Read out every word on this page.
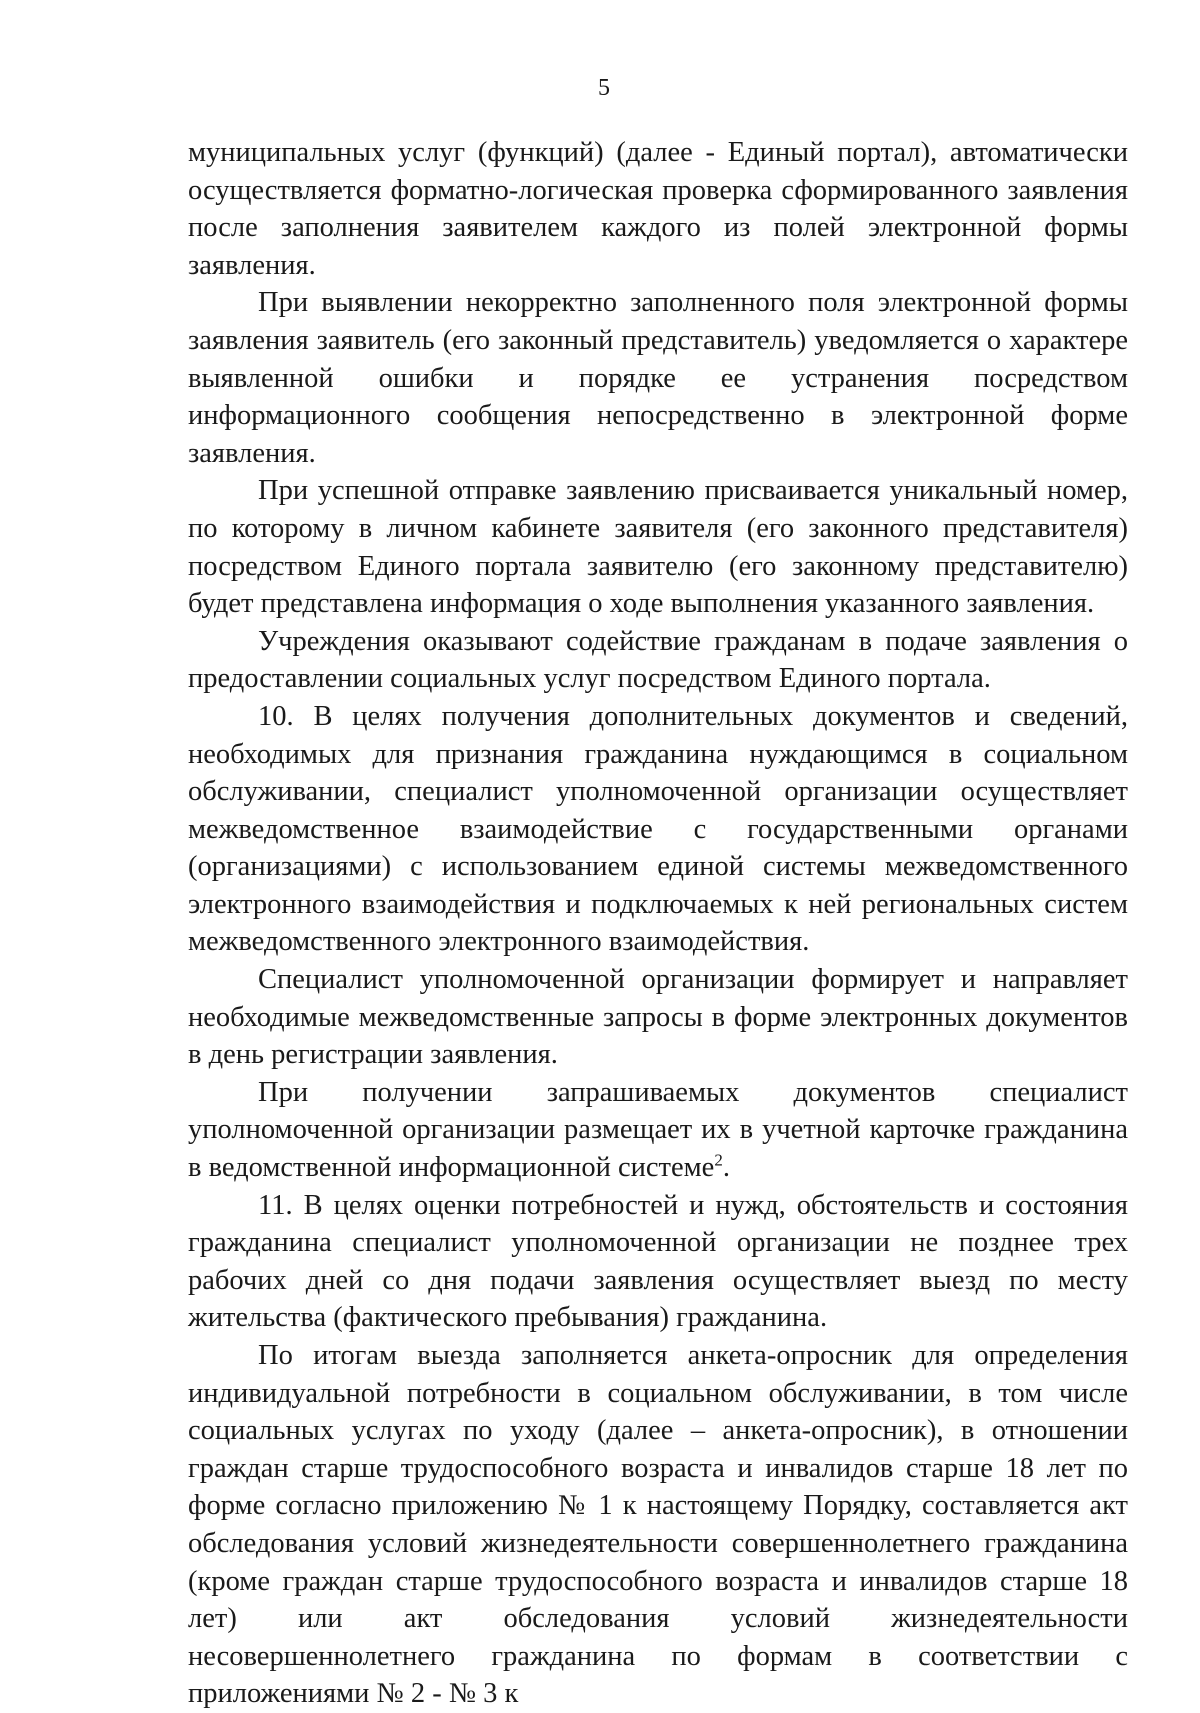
5

муниципальных услуг (функций) (далее - Единый портал), автоматически осуществляется форматно-логическая проверка сформированного заявления после заполнения заявителем каждого из полей электронной формы заявления.

При выявлении некорректно заполненного поля электронной формы заявления заявитель (его законный представитель) уведомляется о характере выявленной ошибки и порядке ее устранения посредством информационного сообщения непосредственно в электронной форме заявления.

При успешной отправке заявлению присваивается уникальный номер, по которому в личном кабинете заявителя (его законного представителя) посредством Единого портала заявителю (его законному представителю) будет представлена информация о ходе выполнения указанного заявления.

Учреждения оказывают содействие гражданам в подаче заявления о предоставлении социальных услуг посредством Единого портала.

10. В целях получения дополнительных документов и сведений, необходимых для признания гражданина нуждающимся в социальном обслуживании, специалист уполномоченной организации осуществляет межведомственное взаимодействие с государственными органами (организациями) с использованием единой системы межведомственного электронного взаимодействия и подключаемых к ней региональных систем межведомственного электронного взаимодействия.

Специалист уполномоченной организации формирует и направляет необходимые межведомственные запросы в форме электронных документов в день регистрации заявления.

При получении запрашиваемых документов специалист уполномоченной организации размещает их в учетной карточке гражданина в ведомственной информационной системе$^2$.

11. В целях оценки потребностей и нужд, обстоятельств и состояния гражданина специалист уполномоченной организации не позднее трех рабочих дней со дня подачи заявления осуществляет выезд по месту жительства (фактического пребывания) гражданина.

По итогам выезда заполняется анкета-опросник для определения индивидуальной потребности в социальном обслуживании, в том числе социальных услугах по уходу (далее – анкета-опросник), в отношении граждан старше трудоспособного возраста и инвалидов старше 18 лет по форме согласно приложению № 1 к настоящему Порядку, составляется акт обследования условий жизнедеятельности совершеннолетнего гражданина (кроме граждан старше трудоспособного возраста и инвалидов старше 18 лет) или акт обследования условий жизнедеятельности несовершеннолетнего гражданина по формам в соответствии с приложениями № 2 - № 3 к
